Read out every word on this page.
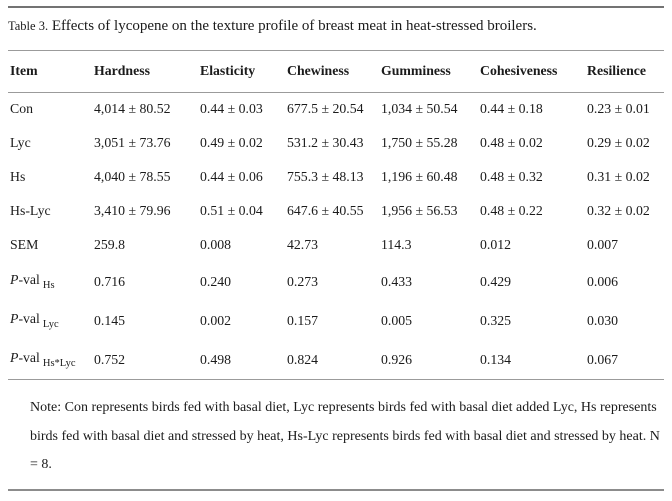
Table 3. Effects of lycopene on the texture profile of breast meat in heat-stressed broilers.
Item	Hardness	Elasticity	Chewiness	Gumminess	Cohesiveness	Resilience
Con	4,014 ± 80.52	0.44 ± 0.03	677.5 ± 20.54	1,034 ± 50.54	0.44 ± 0.18	0.23 ± 0.01
Lyc	3,051 ± 73.76	0.49 ± 0.02	531.2 ± 30.43	1,750 ± 55.28	0.48 ± 0.02	0.29 ± 0.02
Hs	4,040 ± 78.55	0.44 ± 0.06	755.3 ± 48.13	1,196 ± 60.48	0.48 ± 0.32	0.31 ± 0.02
Hs-Lyc	3,410 ± 79.96	0.51 ± 0.04	647.6 ± 40.55	1,956 ± 56.53	0.48 ± 0.22	0.32 ± 0.02
SEM	259.8	0.008	42.73	114.3	0.012	0.007
P-val $_{Hs}$	0.716	0.240	0.273	0.433	0.429	0.006
P-val $_{Lyc}$	0.145	0.002	0.157	0.005	0.325	0.030
P-val $_{Hs*Lyc}$	0.752	0.498	0.824	0.926	0.134	0.067
Note: Con represents birds fed with basal diet, Lyc represents birds fed with basal diet added Lyc, Hs represents birds fed with basal diet and stressed by heat, Hs-Lyc represents birds fed with basal diet and stressed by heat. N = 8.
